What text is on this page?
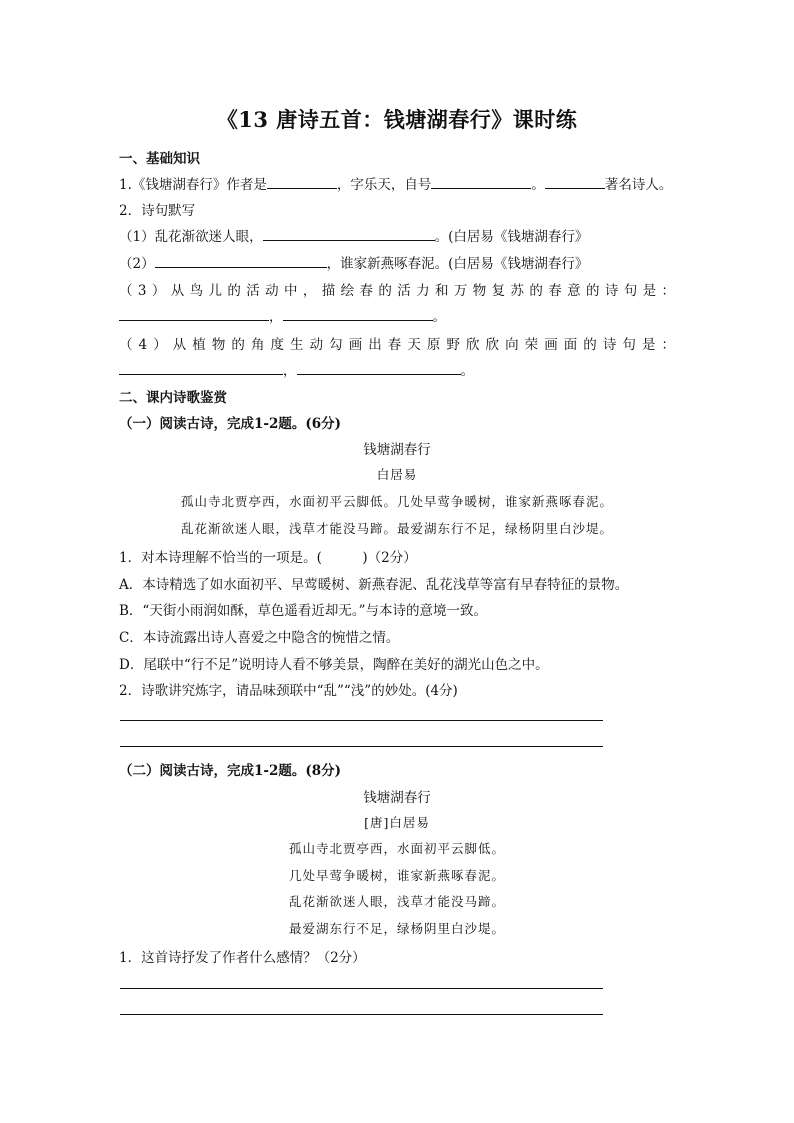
《13 唐诗五首：钱塘湖春行》课时练
一、基础知识
1.《钱塘湖春行》作者是	，字乐天，自号	。	著名诗人。
2．诗句默写
（1）乱花渐欲迷人眼，	。(白居易《钱塘湖春行》
（2）	，谁家新燕啄春泥。(白居易《钱塘湖春行》
（3）从鸟儿的活动中，描绘春的活力和万物复苏的春意的诗句是：
，	。
（4）从植物的角度生动勾画出春天原野欣欣向荣画面的诗句是：
，	。
二、课内诗歌鉴赏
（一）阅读古诗，完成1-2题。(6分)
钱塘湖春行
白居易
孤山寺北贾亭西，水面初平云脚低。几处早莺争暖树，谁家新燕啄春泥。
乱花渐欲迷人眼，浅草才能没马蹄。最爱湖东行不足，绿杨阴里白沙堤。
1．对本诗理解不恰当的一项是。(　　　)（2分）
A．本诗精选了如水面初平、早莺暖树、新燕春泥、乱花浅草等富有早春特征的景物。
B．“天街小雨润如酥，草色遥看近却无。”与本诗的意境一致。
C．本诗流露出诗人喜爱之中隐含的惋惜之情。
D．尾联中“行不足”说明诗人看不够美景，陶醉在美好的湖光山色之中。
2．诗歌讲究炼字，请品味颈联中“乱”“浅”的妙处。(4分)
（二）阅读古诗，完成1-2题。(8分)
钱塘湖春行
[唐]白居易
孤山寺北贾亭西，水面初平云脚低。
几处早莺争暖树，谁家新燕啄春泥。
乱花渐欲迷人眼，浅草才能没马蹄。
最爱湖东行不足，绿杨阴里白沙堤。
1．这首诗抒发了作者什么感情？（2分）
